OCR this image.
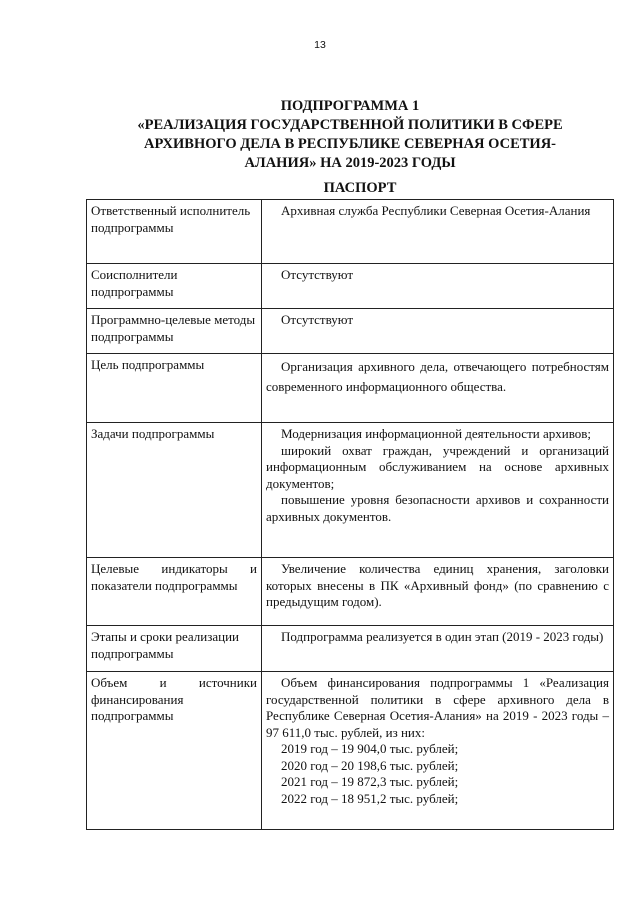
13
ПОДПРОГРАММА 1
«РЕАЛИЗАЦИЯ ГОСУДАРСТВЕННОЙ ПОЛИТИКИ В СФЕРЕ
АРХИВНОГО ДЕЛА В РЕСПУБЛИКЕ СЕВЕРНАЯ ОСЕТИЯ-
АЛАНИЯ» НА 2019-2023 ГОДЫ
ПАСПОРТ
Ответственный исполнитель подпрограммы	Архивная служба Республики Северная Осетия-Алания
Соисполнители подпрограммы	Отсутствуют
Программно-целевые методы подпрограммы	Отсутствуют
Цель подпрограммы	Организация архивного дела, отвечающего потребностям современного информационного общества.
Задачи подпрограммы	Модернизация информационной деятельности архивов;

широкий охват граждан, учреждений и организаций информационным обслуживанием на основе архивных документов;

повышение уровня безопасности архивов и сохранности архивных документов.

Целевые индикаторы и показатели подпрограммы	Увеличение количества единиц хранения, заголовки которых внесены в ПК «Архивный фонд» (по сравнению с предыдущим годом).
Этапы и сроки реализации подпрограммы	Подпрограмма реализуется в один этап (2019 - 2023 годы)
Объем и источники финансирования подпрограммы	Объем финансирования подпрограммы 1 «Реализация государственной политики в сфере архивного дела в Республике Северная Осетия-Алания» на 2019 - 2023 годы – 97 611,0 тыс. рублей, из них:

2019 год – 19 904,0 тыс. рублей;

2020 год – 20 198,6 тыс. рублей;

2021 год – 19 872,3 тыс. рублей;

2022 год – 18 951,2 тыс. рублей;
